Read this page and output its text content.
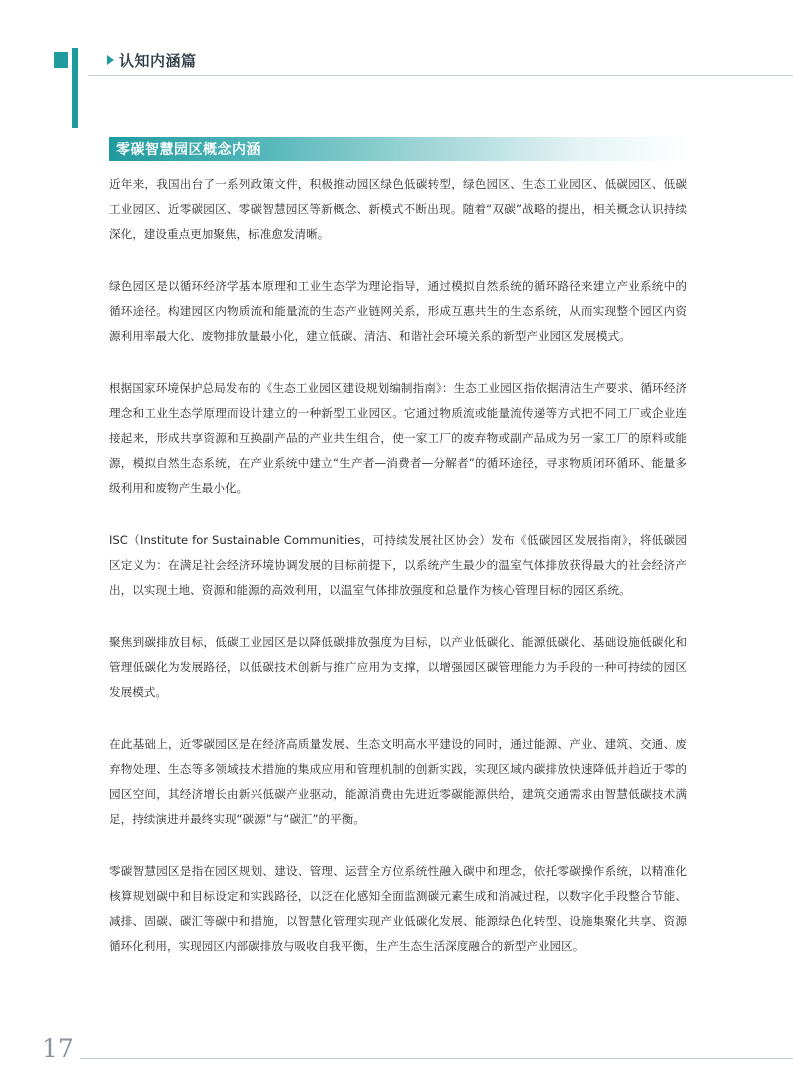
认知内涵篇
零碳智慧园区概念内涵

近年来，我国出台了一系列政策文件，积极推动园区绿色低碳转型，绿色园区、生态工业园区、低碳园区、低碳工业园区、近零碳园区、零碳智慧园区等新概念、新模式不断出现。随着“双碳”战略的提出，相关概念认识持续深化，建设重点更加聚焦，标准愈发清晰。

绿色园区是以循环经济学基本原理和工业生态学为理论指导，通过模拟自然系统的循环路径来建立产业系统中的循环途径。构建园区内物质流和能量流的生态产业链网关系，形成互惠共生的生态系统，从而实现整个园区内资源利用率最大化、废物排放量最小化，建立低碳、清洁、和谐社会环境关系的新型产业园区发展模式。

根据国家环境保护总局发布的《生态工业园区建设规划编制指南》：生态工业园区指依据清洁生产要求、循环经济理念和工业生态学原理而设计建立的一种新型工业园区。它通过物质流或能量流传递等方式把不同工厂或企业连接起来，形成共享资源和互换副产品的产业共生组合，使一家工厂的废弃物或副产品成为另一家工厂的原料或能源，模拟自然生态系统，在产业系统中建立“生产者—消费者—分解者”的循环途径，寻求物质闭环循环、能量多级利用和废物产生最小化。

ISC（Institute for Sustainable Communities，可持续发展社区协会）发布《低碳园区发展指南》，将低碳园区定义为：在满足社会经济环境协调发展的目标前提下，以系统产生最少的温室气体排放获得最大的社会经济产出，以实现土地、资源和能源的高效利用，以温室气体排放强度和总量作为核心管理目标的园区系统。

聚焦到碳排放目标，低碳工业园区是以降低碳排放强度为目标，以产业低碳化、能源低碳化、基础设施低碳化和管理低碳化为发展路径，以低碳技术创新与推广应用为支撑，以增强园区碳管理能力为手段的一种可持续的园区发展模式。

在此基础上，近零碳园区是在经济高质量发展、生态文明高水平建设的同时，通过能源、产业、建筑、交通、废弃物处理、生态等多领域技术措施的集成应用和管理机制的创新实践，实现区域内碳排放快速降低并趋近于零的园区空间，其经济增长由新兴低碳产业驱动，能源消费由先进近零碳能源供给，建筑交通需求由智慧低碳技术满足，持续演进并最终实现“碳源”与“碳汇”的平衡。

零碳智慧园区是指在园区规划、建设、管理、运营全方位系统性融入碳中和理念，依托零碳操作系统，以精准化核算规划碳中和目标设定和实践路径，以泛在化感知全面监测碳元素生成和消减过程，以数字化手段整合节能、减排、固碳、碳汇等碳中和措施，以智慧化管理实现产业低碳化发展、能源绿色化转型、设施集聚化共享、资源循环化利用，实现园区内部碳排放与吸收自我平衡，生产生态生活深度融合的新型产业园区。

17
